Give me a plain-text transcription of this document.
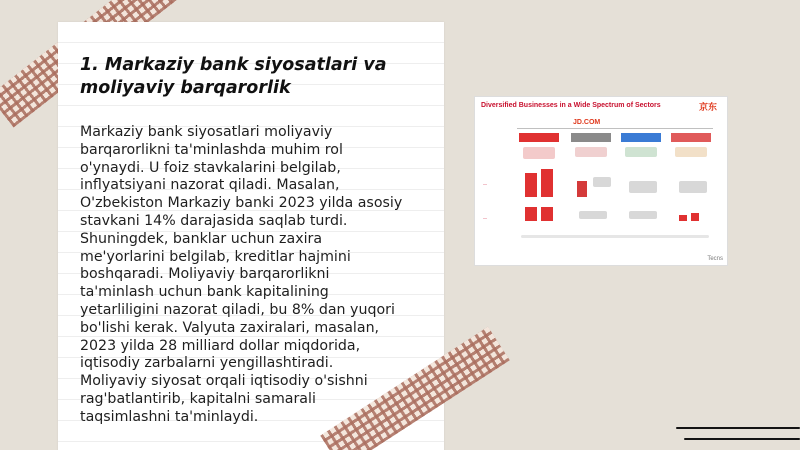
1. Markaziy bank siyosatlari va
moliyaviy barqarorlik
Markaziy bank siyosatlari moliyaviy
barqarorlikni ta'minlashda muhim rol
o'ynaydi. U foiz stavkalarini belgilab,
inflyatsiyani nazorat qiladi. Masalan,
O'zbekiston Markaziy banki 2023 yilda asosiy
stavkani 14% darajasida saqlab turdi.
Shuningdek, banklar uchun zaxira
me'yorlarini belgilab, kreditlar hajmini
boshqaradi. Moliyaviy barqarorlikni
ta'minlash uchun bank kapitalining
yetarliligini nazorat qiladi, bu 8% dan yuqori
bo'lishi kerak. Valyuta zaxiralari, masalan,
2023 yilda 28 milliard dollar miqdorida,
iqtisodiy zarbalarni yengillashtiradi.
Moliyaviy siyosat orqali iqtisodiy o'sishni
rag'batlantirib, kapitalni samarali
taqsimlashni ta'minlaydi.
Diversified Businesses in a Wide Spectrum of Sectors	京东
JD.COM
—
—
Tecns
